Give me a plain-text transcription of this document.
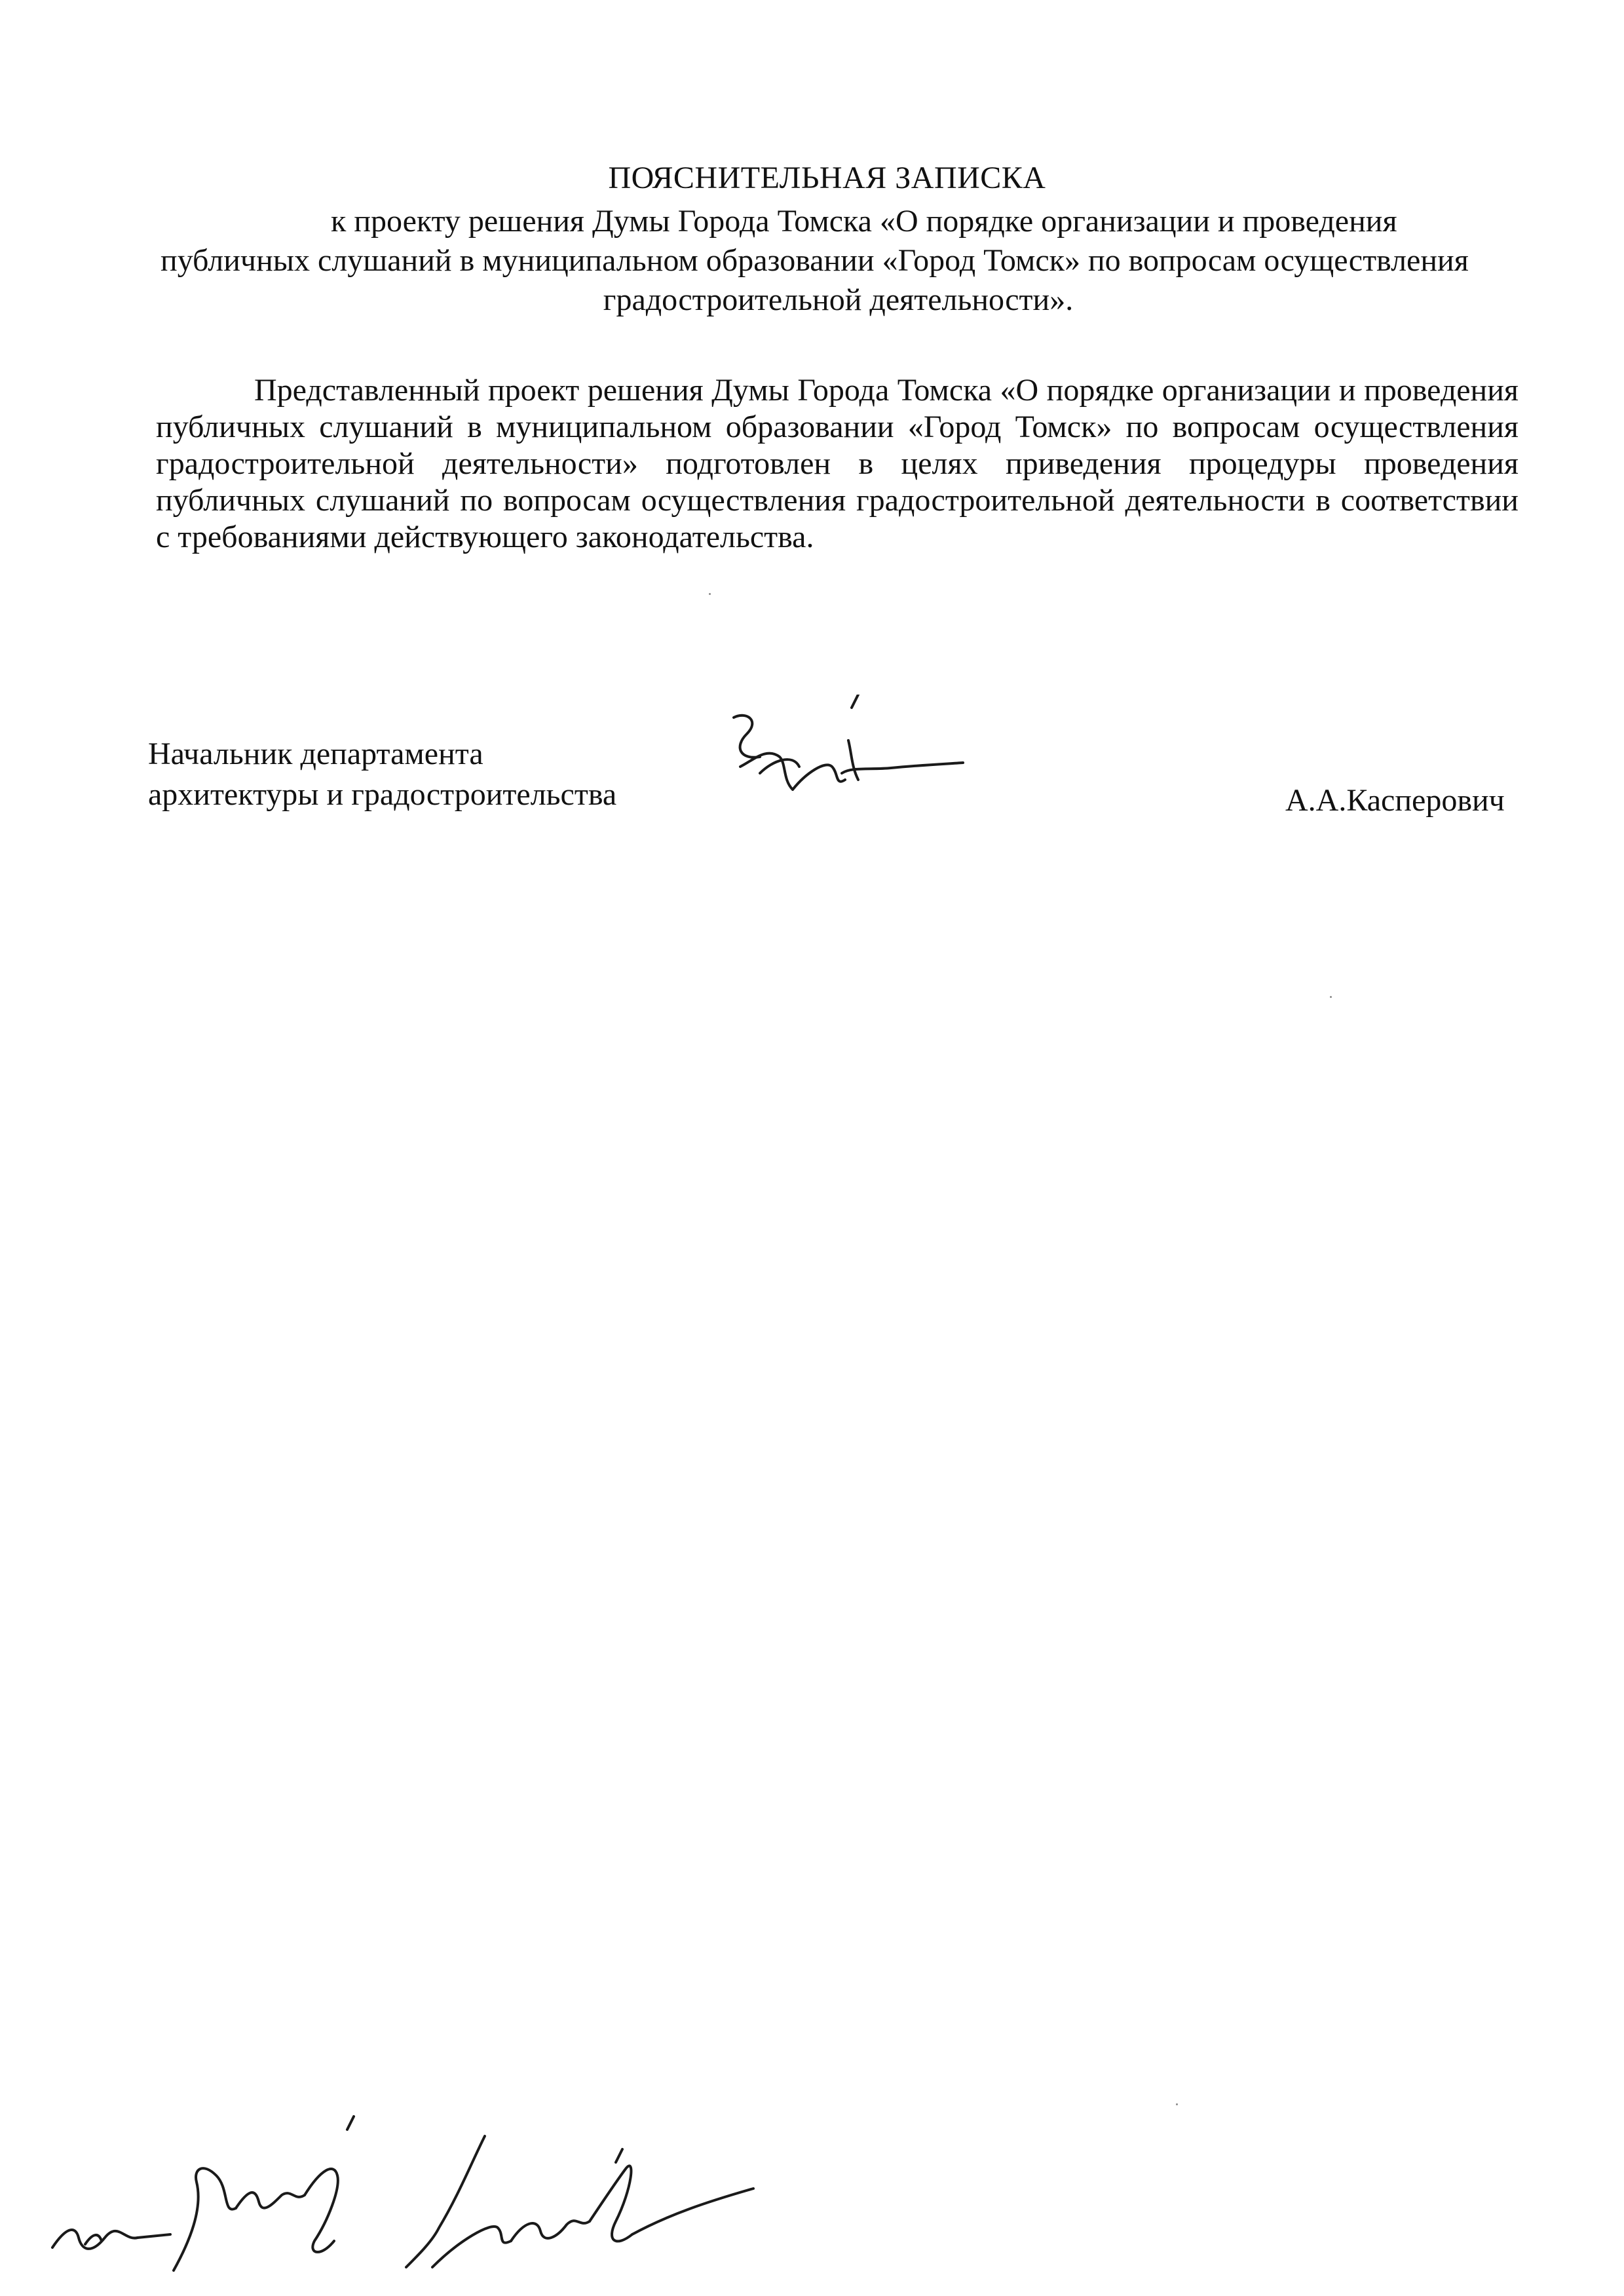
ПОЯСНИТЕЛЬНАЯ ЗАПИСКА
к проекту решения Думы Города Томска «О порядке организации и проведения
публичных слушаний в муниципальном образовании «Город Томск» по вопросам осуществления
градостроительной деятельности».

Представленный проект решения Думы Города Томска «О порядке организации и проведения публичных слушаний в муниципальном образовании «Город Томск» по вопросам осуществления градостроительной деятельности» подготовлен в целях приведения процедуры проведения публичных слушаний по вопросам осуществления градостроительной деятельности в соответствии с требованиями действующего законодательства.

Начальник департамента
архитектуры и градостроительства	А.А.Касперович
